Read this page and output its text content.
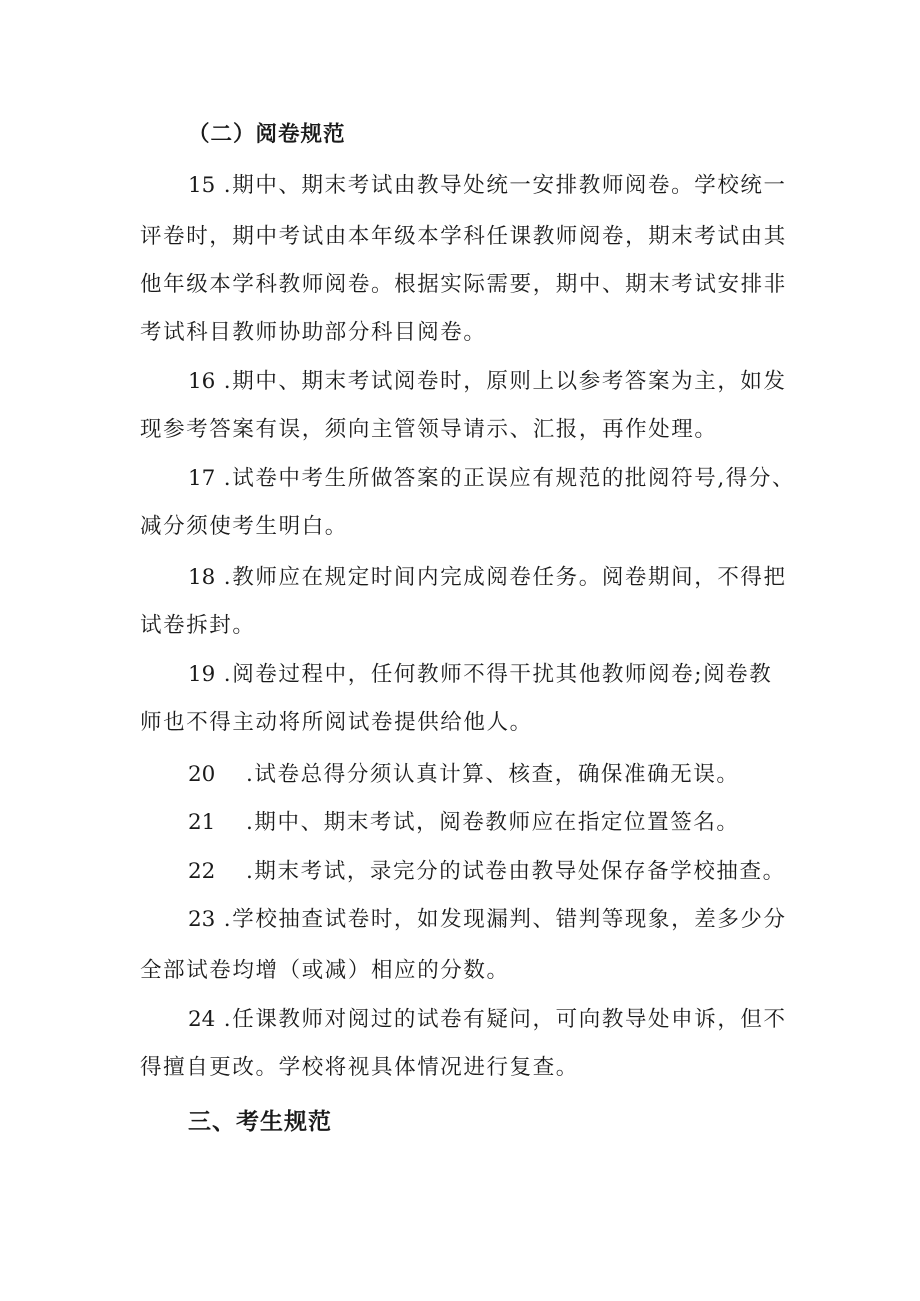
（二）阅卷规范
15 .期中、期末考试由教导处统一安排教师阅卷。学校统一
评卷时，期中考试由本年级本学科任课教师阅卷，期末考试由其
他年级本学科教师阅卷。根据实际需要，期中、期末考试安排非
考试科目教师协助部分科目阅卷。
16 .期中、期末考试阅卷时，原则上以参考答案为主，如发
现参考答案有误，须向主管领导请示、汇报，再作处理。
17 .试卷中考生所做答案的正误应有规范的批阅符号,得分、
减分须使考生明白。
18 .教师应在规定时间内完成阅卷任务。阅卷期间，不得把
试卷拆封。
19 .阅卷过程中，任何教师不得干扰其他教师阅卷;阅卷教
师也不得主动将所阅试卷提供给他人。
20 .试卷总得分须认真计算、核查，确保准确无误。
21 .期中、期末考试，阅卷教师应在指定位置签名。
22 .期末考试，录完分的试卷由教导处保存备学校抽查。
23 .学校抽查试卷时，如发现漏判、错判等现象，差多少分
全部试卷均增（或减）相应的分数。
24 .任课教师对阅过的试卷有疑问，可向教导处申诉，但不
得擅自更改。学校将视具体情况进行复查。
三、考生规范
